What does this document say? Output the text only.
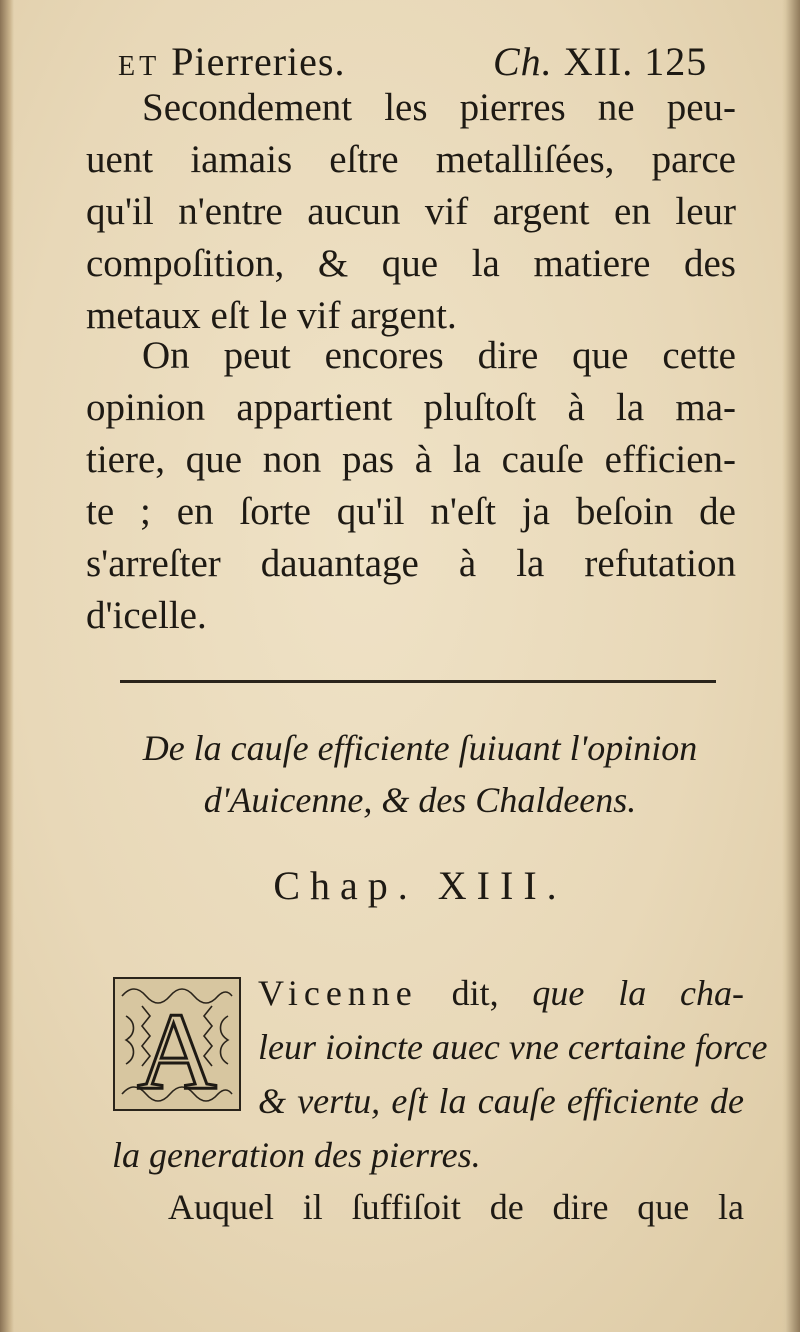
ET Pierreries.	Ch. XII. 125
Secondement les pierres ne peu-
uent iamais eſtre metalliſées, parce
qu'il n'entre aucun vif argent en leur
compoſition, & que la matiere des
metaux eſt le vif argent.
On peut encores dire que cette
opinion appartient pluſtoſt à la ma-
tiere, que non pas à la cauſe efficien-
te ; en ſorte qu'il n'eſt ja beſoin de
s'arreſter dauantage à la refutation
d'icelle.
De la cauſe efficiente ſuiuant l'opinion
d'Auicenne, & des Chaldeens.
Chap. XIII.
A Vicenne dit, que la cha-
leur ioincte auec vne certaine force
& vertu, eſt la cauſe efficiente de
la generation des pierres.
Auquel il ſuffiſoit de dire que la
